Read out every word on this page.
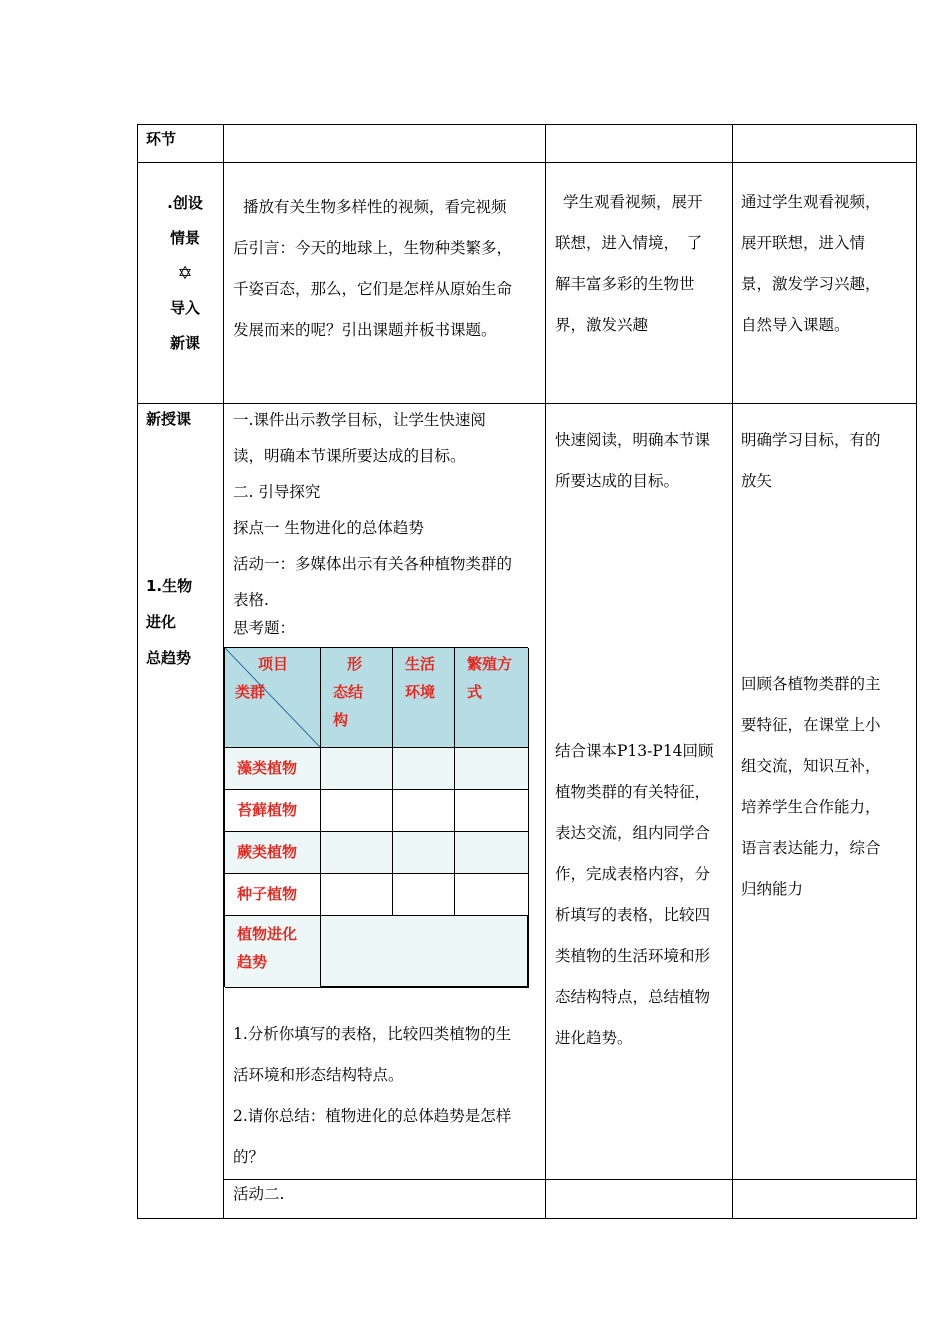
环节

.创设

情景

✡

导入

新课

播放有关生物多样性的视频，看完视频

后引言：今天的地球上，生物种类繁多，

千姿百态，那么，它们是怎样从原始生命

发展而来的呢？引出课题并板书课题。

学生观看视频，展开

联想，进入情境，　了

解丰富多彩的生物世

界，激发兴趣

通过学生观看视频，

展开联想，进入情

景，激发学习兴趣，

自然导入课题。

新授课

1.生物

进化

总趋势

一.课件出示教学目标，让学生快速阅

读，明确本节课所要达成的目标。

二. 引导探究

探点一 生物进化的总体趋势

活动一：多媒体出示有关各种植物类群的

表格.

思考题：

项目
类群

形

态结

构

生活

环境

繁殖方

式

藻类植物
苔藓植物
蕨类植物
种子植物

植物进化

趋势

1.分析你填写的表格，比较四类植物的生

活环境和形态结构特点。

2.请你总结：植物进化的总体趋势是怎样

的？

快速阅读，明确本节课

所要达成的目标。

结合课本P13-P14回顾

植物类群的有关特征，

表达交流，组内同学合

作，完成表格内容，分

析填写的表格，比较四

类植物的生活环境和形

态结构特点，总结植物

进化趋势。

明确学习目标，有的

放矢

回顾各植物类群的主

要特征，在课堂上小

组交流，知识互补，

培养学生合作能力，

语言表达能力，综合

归纳能力

活动二.
